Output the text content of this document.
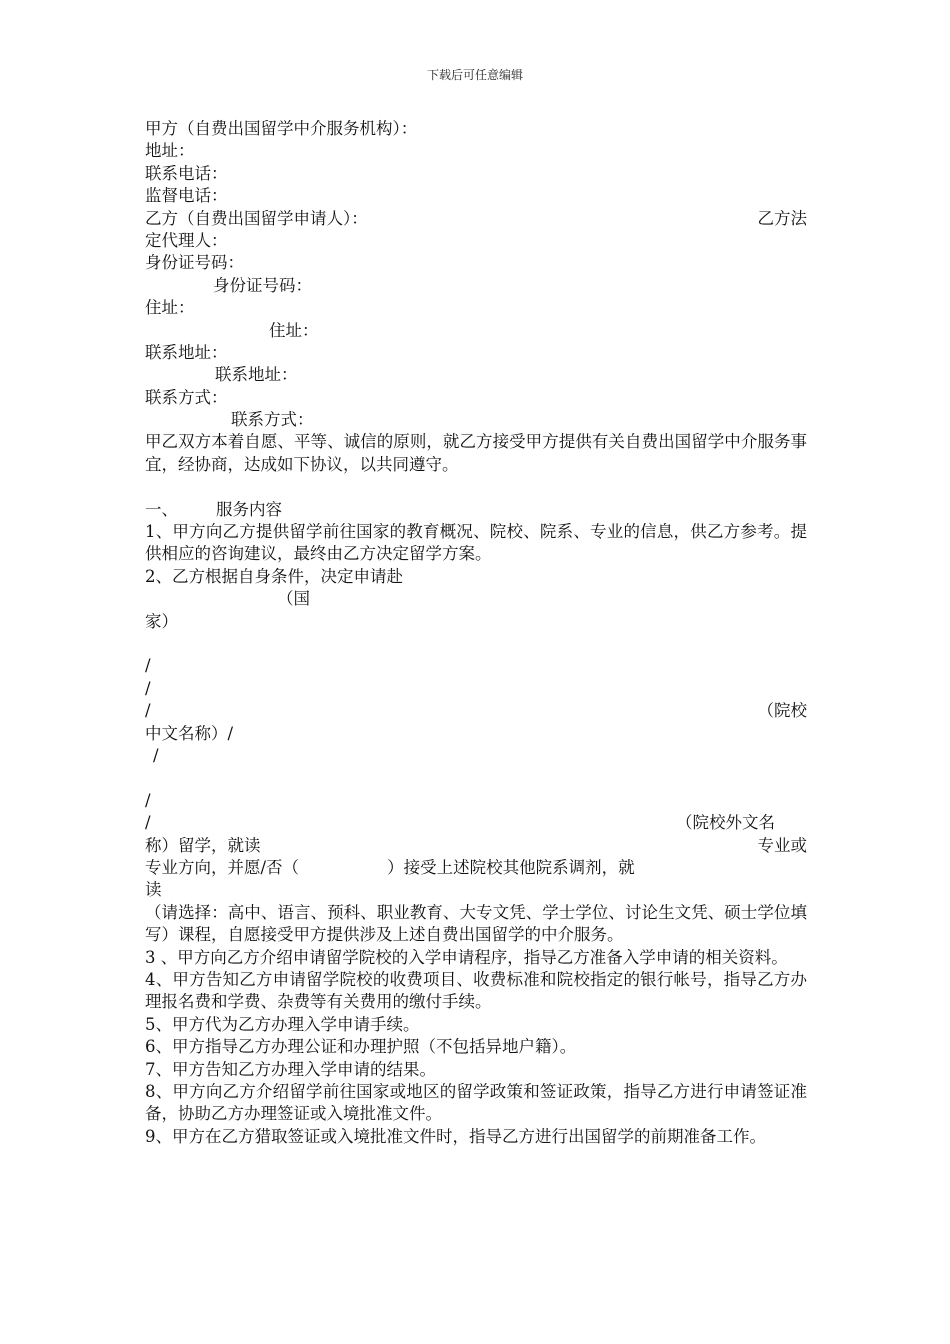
下载后可任意编辑
甲方（自费出国留学中介服务机构）：
地址：
联系电话：
监督电话：
乙方（自费出国留学申请人）：	乙方法
定代理人：
身份证号码：
身份证号码：
住址：
住址：
联系地址：
联系地址：
联系方式：
联系方式：
甲乙双方本着自愿、平等、诚信的原则，就乙方接受甲方提供有关自费出国留学中介服务事宜，经协商，达成如下协议，以共同遵守。
一、 服务内容
1、甲方向乙方提供留学前往国家的教育概况、院校、院系、专业的信息，供乙方参考。提供相应的咨询建议，最终由乙方决定留学方案。
2、乙方根据自身条件，决定申请赴
（国
家）
/
/
/	（院校
中文名称）/
/
/
/	（院校外文名
称）留学，就读	专业或
专业方向，并愿/否（	）接受上述院校其他院系调剂，就
读
（请选择：高中、语言、预科、职业教育、大专文凭、学士学位、讨论生文凭、硕士学位填写）课程，自愿接受甲方提供涉及上述自费出国留学的中介服务。
3 、甲方向乙方介绍申请留学院校的入学申请程序，指导乙方准备入学申请的相关资料。
4、甲方告知乙方申请留学院校的收费项目、收费标准和院校指定的银行帐号，指导乙方办理报名费和学费、杂费等有关费用的缴付手续。
5、甲方代为乙方办理入学申请手续。
6、甲方指导乙方办理公证和办理护照（不包括异地户籍）。
7、甲方告知乙方办理入学申请的结果。
8、甲方向乙方介绍留学前往国家或地区的留学政策和签证政策，指导乙方进行申请签证准备，协助乙方办理签证或入境批准文件。
9、甲方在乙方猎取签证或入境批准文件时，指导乙方进行出国留学的前期准备工作。
